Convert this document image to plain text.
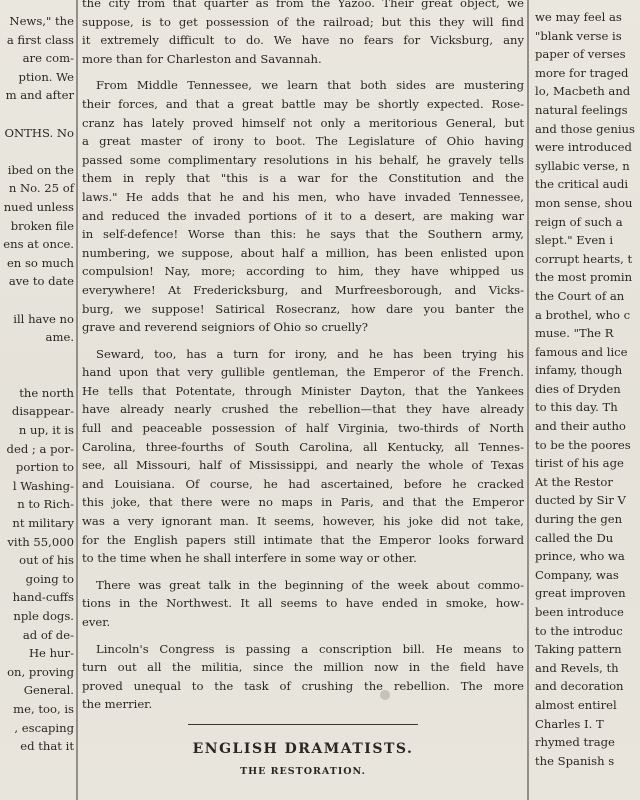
News," the
a first class
are com-
ption. We
m and after
ONTHS. No
ibed on the
n No. 25 of
nued unless
broken file
ens at once.
en so much
ave to date
ill have no
ame.
the north
disappear-
n up, it is
ded ; a por-
portion to
l Washing-
n to Rich-
nt military
vith 55,000
out of his
going to
hand-cuffs
nple dogs.
ad of de-
He hur-
on, proving
General.
me, too, is
, escaping
ed that it
the city from that quarter as from the Yazoo. Their great object, we
suppose, is to get possession of the railroad; but this they will find
it extremely difficult to do. We have no fears for Vicksburg, any
more than for Charleston and Savannah.
From Middle Tennessee, we learn that both sides are mustering
their forces, and that a great battle may be shortly expected. Rose-
cranz has lately proved himself not only a meritorious General, but
a great master of irony to boot. The Legislature of Ohio having
passed some complimentary resolutions in his behalf, he gravely tells
them in reply that "this is a war for the Constitution and the
laws." He adds that he and his men, who have invaded Tennessee,
and reduced the invaded portions of it to a desert, are making war
in self-defence! Worse than this: he says that the Southern army,
numbering, we suppose, about half a million, has been enlisted upon
compulsion! Nay, more; according to him, they have whipped us
everywhere! At Fredericksburg, and Murfreesborough, and Vicks-
burg, we suppose! Satirical Rosecranz, how dare you banter the
grave and reverend seigniors of Ohio so cruelly?
Seward, too, has a turn for irony, and he has been trying his
hand upon that very gullible gentleman, the Emperor of the French.
He tells that Potentate, through Minister Dayton, that the Yankees
have already nearly crushed the rebellion—that they have already
full and peaceable possession of half Virginia, two-thirds of North
Carolina, three-fourths of South Carolina, all Kentucky, all Tennes-
see, all Missouri, half of Mississippi, and nearly the whole of Texas
and Louisiana. Of course, he had ascertained, before he cracked
this joke, that there were no maps in Paris, and that the Emperor
was a very ignorant man. It seems, however, his joke did not take,
for the English papers still intimate that the Emperor looks forward
to the time when he shall interfere in some way or other.
There was great talk in the beginning of the week about commo-
tions in the Northwest. It all seems to have ended in smoke, how-
ever.
Lincoln's Congress is passing a conscription bill. He means to
turn out all the militia, since the million now in the field have
proved unequal to the task of crushing the rebellion. The more
the merrier.
ENGLISH DRAMATISTS.
THE RESTORATION.
we may feel as
"blank verse is
paper of verses
more for traged
lo, Macbeth and
natural feelings
and those genius
were introduced
syllabic verse, n
the critical audi
mon sense, shou
reign of such a
slept." Even i
corrupt hearts, t
the most promin
the Court of an
a brothel, who c
muse. "The R
famous and lice
infamy, though
dies of Dryden
to this day. Th
and their autho
to be the poores
tirist of his age
At the Restor
ducted by Sir V
during the gen
called the Du
prince, who wa
Company, was
great improven
been introduce
to the introduc
Taking pattern
and Revels, th
and decoration
almost entirel
Charles I. T
rhymed trage
the Spanish s
